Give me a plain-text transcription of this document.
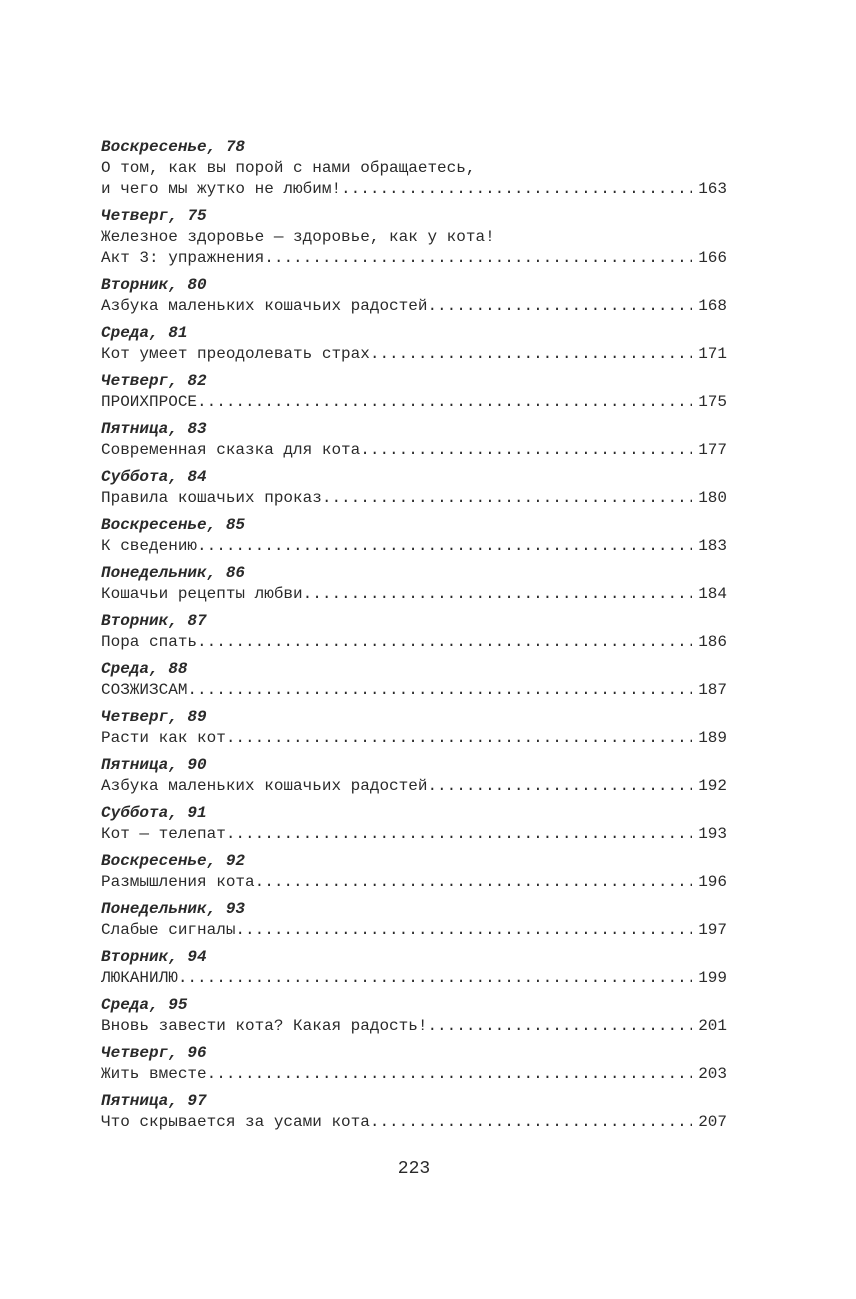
Воскресенье, 78
О том, как вы порой с нами обращаетесь,
и чего мы жутко не любим! .....	163
Четверг, 75
Железное здоровье — здоровье, как у кота!
Акт 3: упражнения .....	166
Вторник, 80
Азбука маленьких кошачьих радостей .....	168
Среда, 81
Кот умеет преодолевать страх .....	171
Четверг, 82
ПРОИХПРОСЕ .....	175
Пятница, 83
Современная сказка для кота .....	177
Суббота, 84
Правила кошачьих проказ .....	180
Воскресенье, 85
К сведению .....	183
Понедельник, 86
Кошачьи рецепты любви .....	184
Вторник, 87
Пора спать .....	186
Среда, 88
СОЗЖИЗСАМ .....	187
Четверг, 89
Расти как кот .....	189
Пятница, 90
Азбука маленьких кошачьих радостей .....	192
Суббота, 91
Кот — телепат .....	193
Воскресенье, 92
Размышления кота .....	196
Понедельник, 93
Слабые сигналы .....	197
Вторник, 94
ЛЮКАНИЛЮ .....	199
Среда, 95
Вновь завести кота? Какая радость! .....	201
Четверг, 96
Жить вместе .....	203
Пятница, 97
Что скрывается за усами кота .....	207
223
